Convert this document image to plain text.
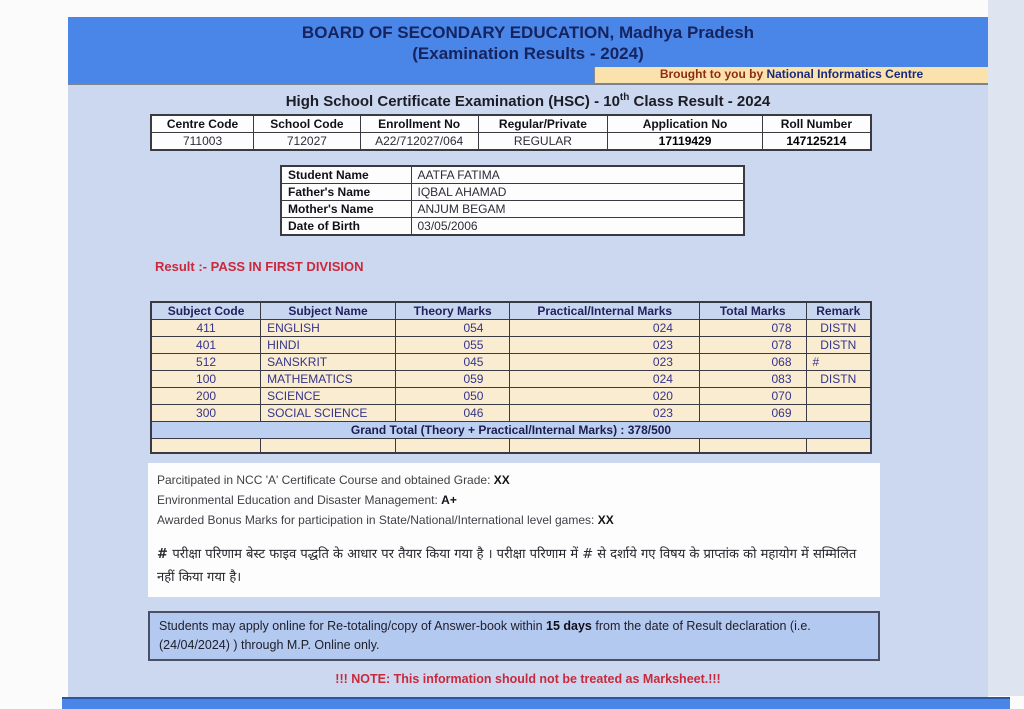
BOARD OF SECONDARY EDUCATION, Madhya Pradesh
(Examination Results - 2024)
Brought to you by National Informatics Centre
High School Certificate Examination (HSC) - 10th Class Result - 2024
Centre Code	School Code	Enrollment No	Regular/Private	Application No	Roll Number
711003	712027	A22/712027/064	REGULAR	17119429	147125214
Student Name	AATFA FATIMA
Father's Name	IQBAL AHAMAD
Mother's Name	ANJUM BEGAM
Date of Birth	03/05/2006
Result :- PASS IN FIRST DIVISION
Subject Code	Subject Name	Theory Marks	Practical/Internal Marks	Total Marks	Remark
411	ENGLISH	054	024	078	DISTN
401	HINDI	055	023	078	DISTN
512	SANSKRIT	045	023	068	#
100	MATHEMATICS	059	024	083	DISTN
200	SCIENCE	050	020	070	
300	SOCIAL SCIENCE	046	023	069	
Grand Total (Theory + Practical/Internal Marks) : 378/500					

Parcitipated in NCC 'A' Certificate Course and obtained Grade: XX
Environmental Education and Disaster Management: A+
Awarded Bonus Marks for participation in State/National/International level games: XX
# परीक्षा परिणाम बेस्ट फाइव पद्धति के आधार पर तैयार किया गया है । परीक्षा परिणाम में # से दर्शाये गए विषय के प्राप्तांक को महायोग में सम्मिलित नहीं किया गया है।
Students may apply online for Re-totaling/copy of Answer-book within 15 days from the date of Result declaration (i.e.(24/04/2024) ) through M.P. Online only.
!!! NOTE: This information should not be treated as Marksheet.!!!
